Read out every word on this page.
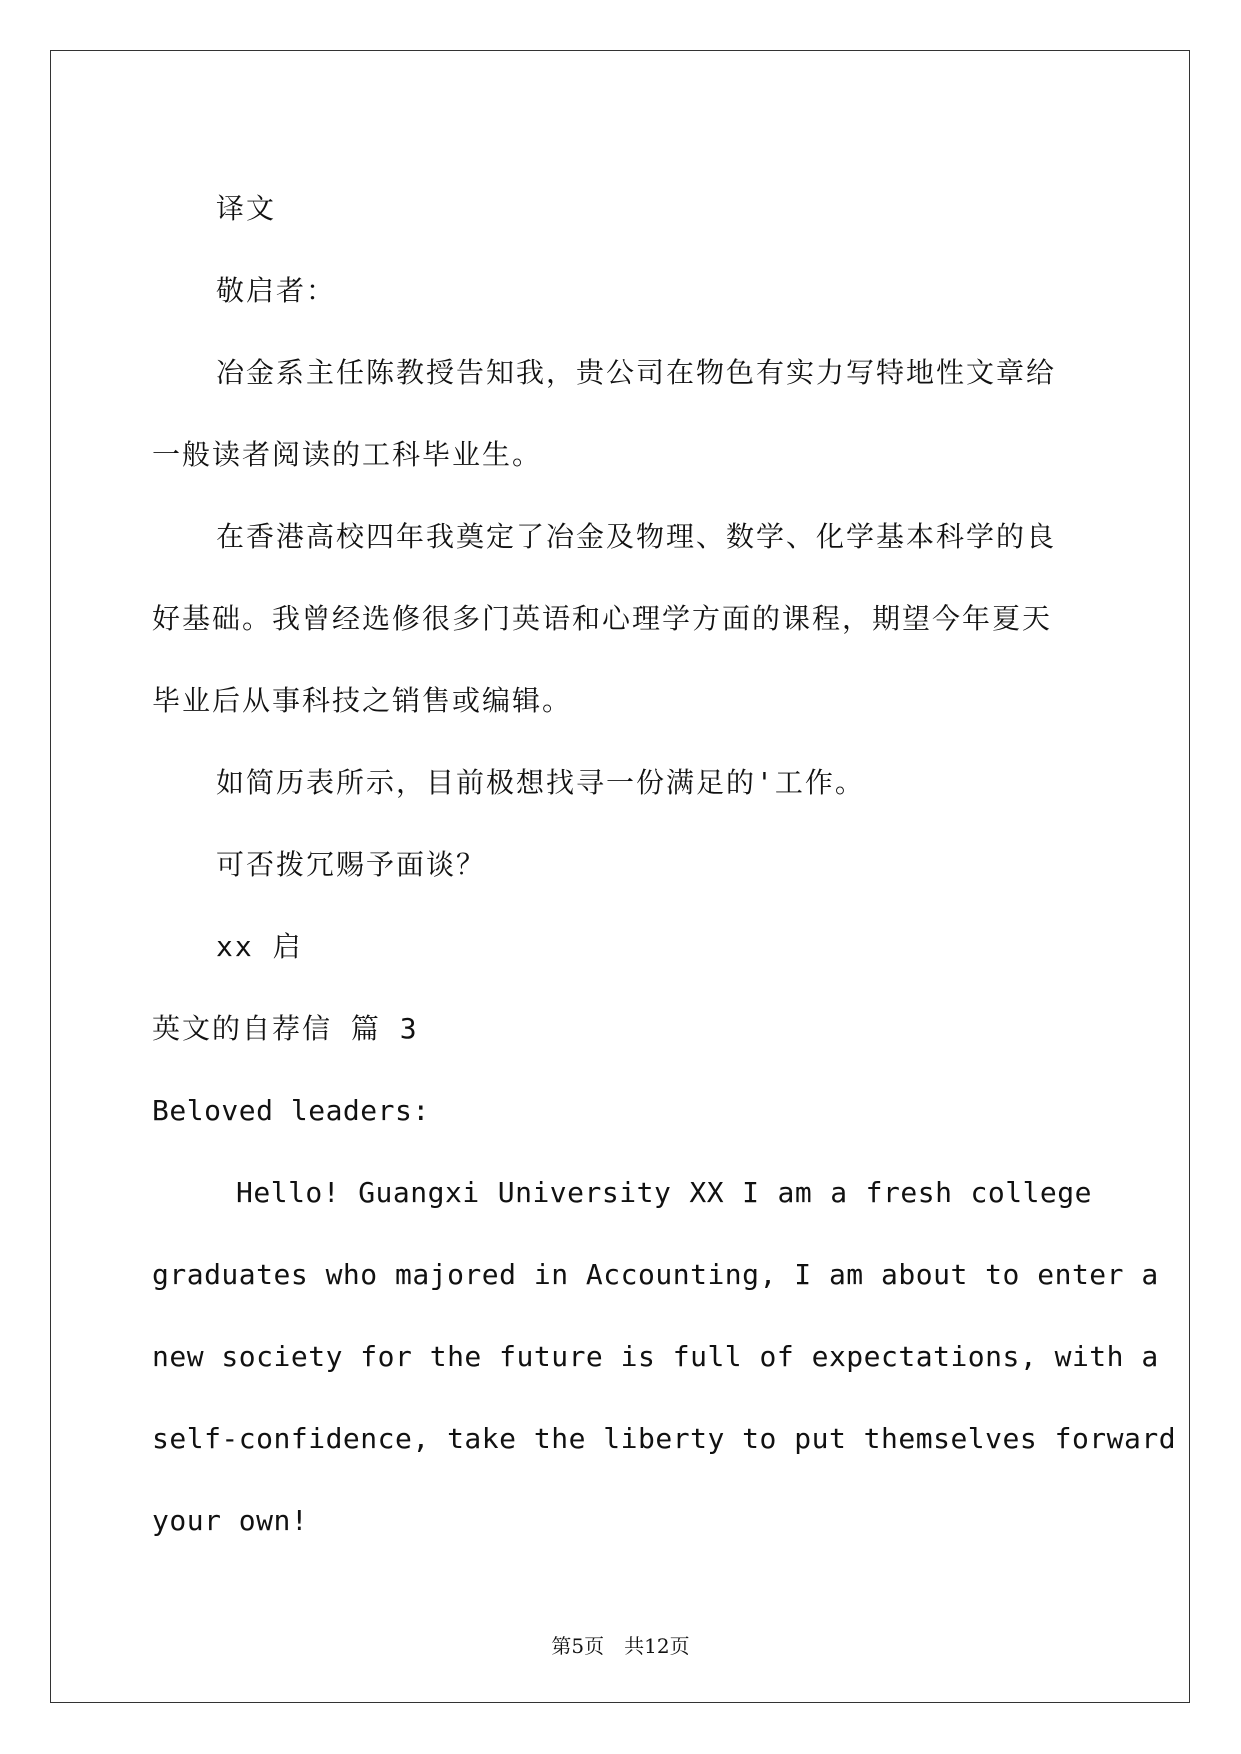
译文
敬启者：
冶金系主任陈教授告知我，贵公司在物色有实力写特地性文章给
一般读者阅读的工科毕业生。
在香港高校四年我奠定了冶金及物理、数学、化学基本科学的良
好基础。我曾经选修很多门英语和心理学方面的课程，期望今年夏天
毕业后从事科技之销售或编辑。
如简历表所示，目前极想找寻一份满足的'工作。
可否拨冗赐予面谈？
xx 启
英文的自荐信 篇 3
Beloved leaders:
Hello! Guangxi University XX I am a fresh college
graduates who majored in Accounting, I am about to enter a
new society for the future is full of expectations, with a
self-confidence, take the liberty to put themselves forward
your own!
第5页　共12页
